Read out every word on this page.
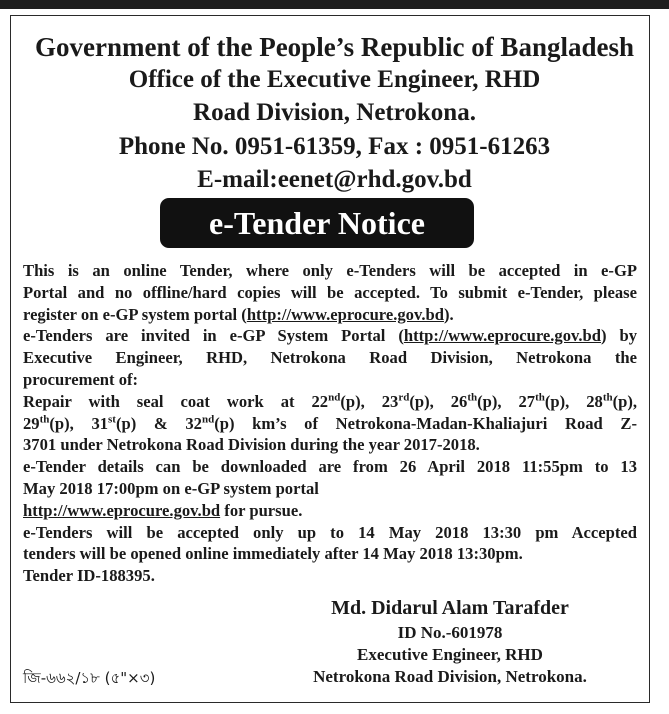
Government of the People’s Republic of Bangladesh
Office of the Executive Engineer, RHD
Road Division, Netrokona.
Phone No. 0951-61359, Fax : 0951-61263
E-mail:eenet@rhd.gov.bd
e-Tender Notice

This is an online Tender, where only e-Tenders will be accepted in e-GP

Portal and no offline/hard copies will be accepted. To submit e-Tender, please

register on e-GP system portal (http://www.eprocure.gov.bd).

e-Tenders are invited in e-GP System Portal (http://www.eprocure.gov.bd) by

Executive Engineer, RHD, Netrokona Road Division, Netrokona the

procurement of:

Repair with seal coat work at 22nd(p), 23rd(p), 26th(p), 27th(p), 28th(p),

29th(p), 31st(p) & 32nd(p) km’s of Netrokona-Madan-Khaliajuri Road Z-

3701 under Netrokona Road Division during the year 2017-2018.

e-Tender details can be downloaded are from 26 April 2018 11:55pm to 13

May 2018 17:00pm on e-GP system portal

http://www.eprocure.gov.bd for pursue.

e-Tenders will be accepted only up to 14 May 2018 13:30 pm Accepted

tenders will be opened online immediately after 14 May 2018 13:30pm.

Tender ID-188395.

Md. Didarul Alam Tarafder
ID No.-601978
Executive Engineer, RHD
Netrokona Road Division, Netrokona.
জি-৬৬২/১৮ (৫"×৩)
